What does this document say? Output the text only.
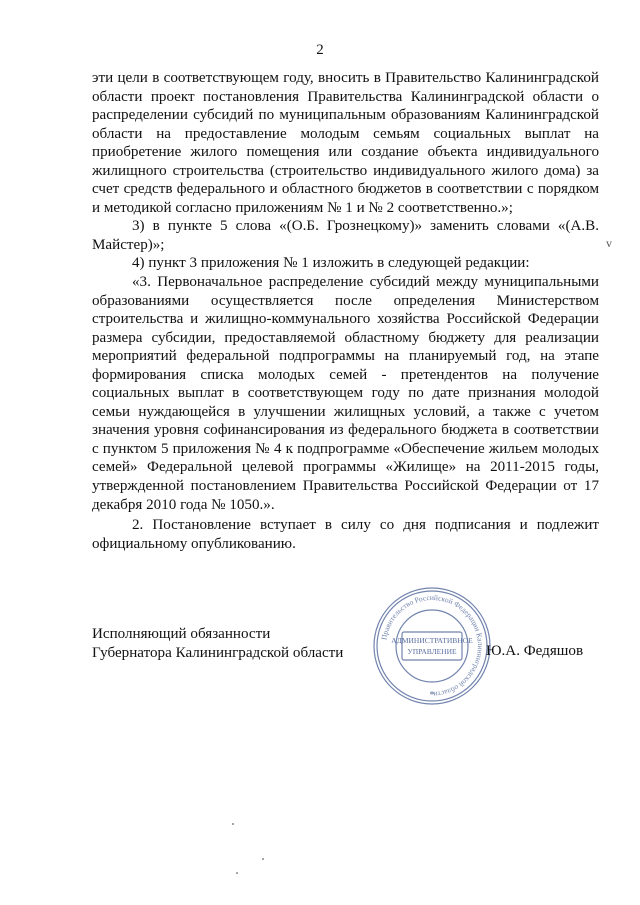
2

эти цели в соответствующем году, вносить в Правительство Калининградской области проект постановления Правительства Калининградской области о распределении субсидий по муниципальным образованиям Калининградской области на предоставление молодым семьям социальных выплат на приобретение жилого помещения или создание объекта индивидуального жилищного строительства (строительство индивидуального жилого дома) за счет средств федерального и областного бюджетов в соответствии с порядком и методикой согласно приложениям № 1 и № 2 соответственно.»;

3) в пункте 5 слова «(О.Б. Грознецкому)» заменить словами «(А.В. Майстер)»;

4) пункт 3 приложения № 1 изложить в следующей редакции:

«3. Первоначальное распределение субсидий между муниципальными образованиями осуществляется после определения Министерством строительства и жилищно-коммунального хозяйства Российской Федерации размера субсидии, предоставляемой областному бюджету для реализации мероприятий федеральной подпрограммы на планируемый год, на этапе формирования списка молодых семей - претендентов на получение социальных выплат в соответствующем году по дате признания молодой семьи нуждающейся в улучшении жилищных условий, а также с учетом значения уровня софинансирования из федерального бюджета в соответствии с пунктом 5 приложения № 4 к подпрограмме «Обеспечение жильем молодых семей» Федеральной целевой программы «Жилище» на 2011-2015 годы, утвержденной постановлением Правительства Российской Федерации от 17 декабря 2010 года № 1050.».

2. Постановление вступает в силу со дня подписания и подлежит официальному опубликованию.

v
Исполняющий обязанности
Губернатора Калининградской области
Правительство Российской Федерации Калининградской области
АДМИНИСТРАТИВНОЕ
УПРАВЛЕНИЕ
*
Ю.А. Федяшов
